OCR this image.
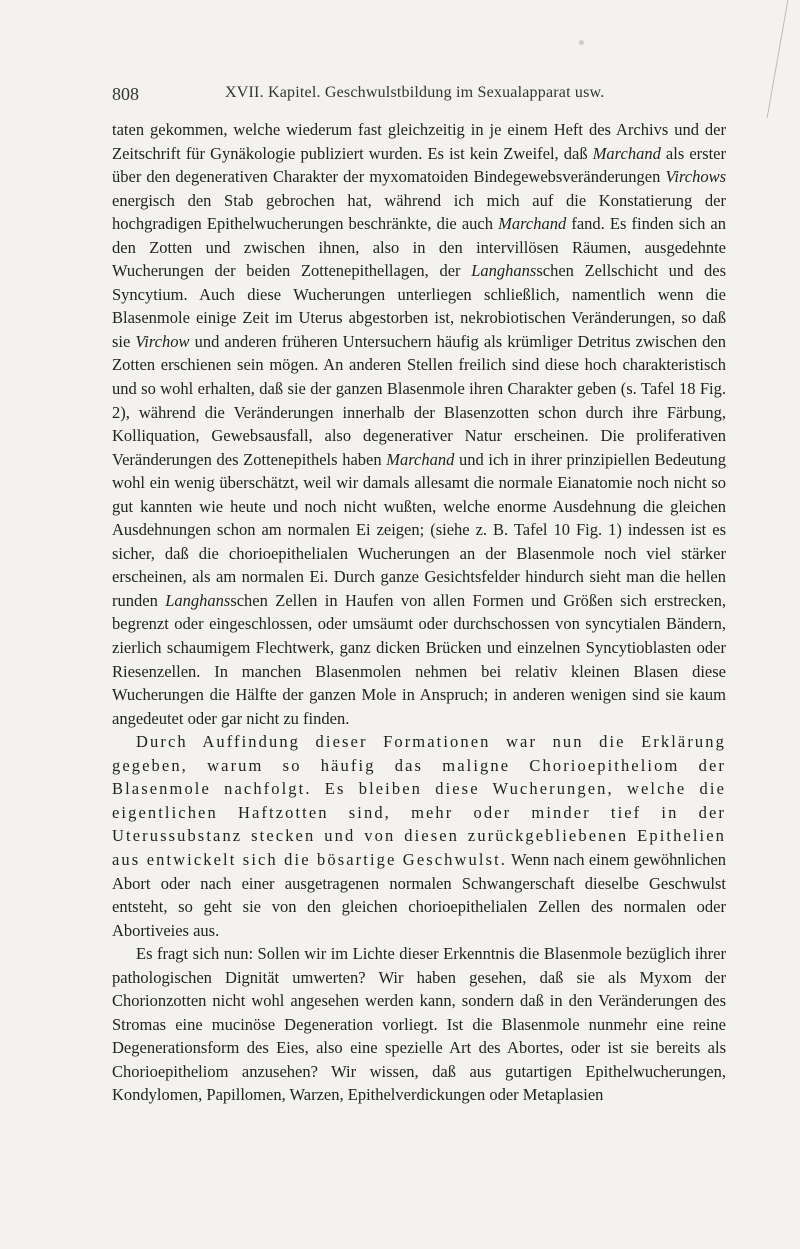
808	XVII. Kapitel. Geschwulstbildung im Sexualapparat usw.

taten gekommen, welche wiederum fast gleichzeitig in je einem Heft des Archivs und der Zeitschrift für Gynäkologie publiziert wurden. Es ist kein Zweifel, daß Marchand als erster über den degenerativen Charakter der myxomatoiden Bindegewebsveränderungen Virchows energisch den Stab gebrochen hat, während ich mich auf die Konstatierung der hochgradigen Epithelwucherungen beschränkte, die auch Marchand fand. Es finden sich an den Zotten und zwischen ihnen, also in den intervillösen Räumen, ausgedehnte Wucherungen der beiden Zottenepithellagen, der Langhansschen Zellschicht und des Syncytium. Auch diese Wucherungen unterliegen schließlich, namentlich wenn die Blasenmole einige Zeit im Uterus abgestorben ist, nekrobiotischen Veränderungen, so daß sie Virchow und anderen früheren Untersuchern häufig als krümliger Detritus zwischen den Zotten erschienen sein mögen. An anderen Stellen freilich sind diese hoch charakteristisch und so wohl erhalten, daß sie der ganzen Blasenmole ihren Charakter geben (s. Tafel 18 Fig. 2), während die Veränderungen innerhalb der Blasenzotten schon durch ihre Färbung, Kolliquation, Gewebsausfall, also degenerativer Natur erscheinen. Die proliferativen Veränderungen des Zottenepithels haben Marchand und ich in ihrer prinzipiellen Bedeutung wohl ein wenig überschätzt, weil wir damals allesamt die normale Eianatomie noch nicht so gut kannten wie heute und noch nicht wußten, welche enorme Ausdehnung die gleichen Ausdehnungen schon am normalen Ei zeigen; (siehe z. B. Tafel 10 Fig. 1) indessen ist es sicher, daß die chorioepithelialen Wucherungen an der Blasenmole noch viel stärker erscheinen, als am normalen Ei. Durch ganze Gesichtsfelder hindurch sieht man die hellen runden Langhansschen Zellen in Haufen von allen Formen und Größen sich erstrecken, begrenzt oder eingeschlossen, oder umsäumt oder durchschossen von syncytialen Bändern, zierlich schaumigem Flechtwerk, ganz dicken Brücken und einzelnen Syncytioblasten oder Riesenzellen. In manchen Blasenmolen nehmen bei relativ kleinen Blasen diese Wucherungen die Hälfte der ganzen Mole in Anspruch; in anderen wenigen sind sie kaum angedeutet oder gar nicht zu finden.

Durch Auffindung dieser Formationen war nun die Erklärung gegeben, warum so häufig das maligne Chorioepitheliom der Blasenmole nachfolgt. Es bleiben diese Wucherungen, welche die eigentlichen Haftzotten sind, mehr oder minder tief in der Uterussubstanz stecken und von diesen zurückgebliebenen Epithelien aus entwickelt sich die bösartige Geschwulst. Wenn nach einem gewöhnlichen Abort oder nach einer ausgetragenen normalen Schwangerschaft dieselbe Geschwulst entsteht, so geht sie von den gleichen chorioepithelialen Zellen des normalen oder Abortiveies aus.

Es fragt sich nun: Sollen wir im Lichte dieser Erkenntnis die Blasenmole bezüglich ihrer pathologischen Dignität umwerten? Wir haben gesehen, daß sie als Myxom der Chorionzotten nicht wohl angesehen werden kann, sondern daß in den Veränderungen des Stromas eine mucinöse Degeneration vorliegt. Ist die Blasenmole nunmehr eine reine Degenerationsform des Eies, also eine spezielle Art des Abortes, oder ist sie bereits als Chorioepitheliom anzusehen? Wir wissen, daß aus gutartigen Epithelwucherungen, Kondylomen, Papillomen, Warzen, Epithelverdickungen oder Metaplasien
